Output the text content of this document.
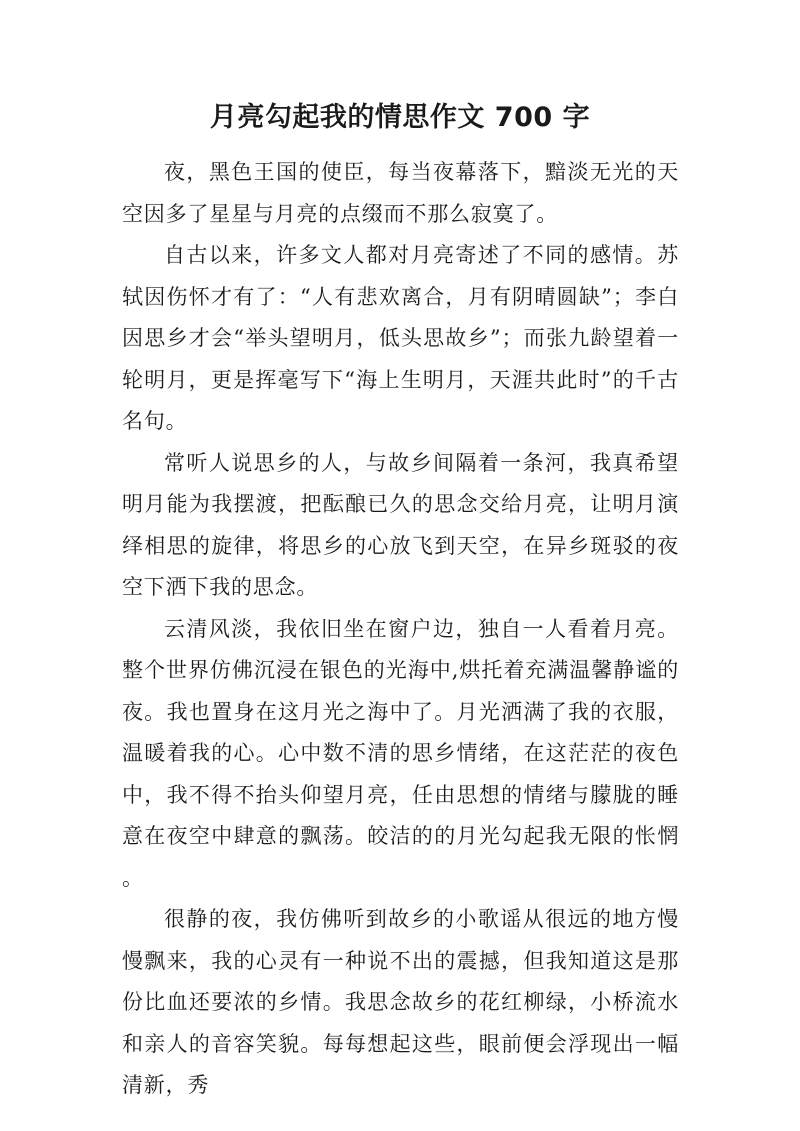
月亮勾起我的情思作文 700 字

夜，黑色王国的使臣，每当夜幕落下，黯淡无光的天空因多了星星与月亮的点缀而不那么寂寞了。

自古以来，许多文人都对月亮寄述了不同的感情。苏轼因伤怀才有了：“人有悲欢离合，月有阴晴圆缺”；李白因思乡才会“举头望明月，低头思故乡”；而张九龄望着一轮明月，更是挥毫写下“海上生明月，天涯共此时”的千古名句。

常听人说思乡的人，与故乡间隔着一条河，我真希望明月能为我摆渡，把酝酿已久的思念交给月亮，让明月演绎相思的旋律，将思乡的心放飞到天空，在异乡斑驳的夜空下洒下我的思念。

云清风淡，我依旧坐在窗户边，独自一人看着月亮。整个世界仿佛沉浸在银色的光海中,烘托着充满温馨静谧的夜。我也置身在这月光之海中了。月光洒满了我的衣服，温暖着我的心。心中数不清的思乡情绪，在这茫茫的夜色中，我不得不抬头仰望月亮，任由思想的情绪与朦胧的睡意在夜空中肆意的飘荡。皎洁的的月光勾起我无限的怅惘。

很静的夜，我仿佛听到故乡的小歌谣从很远的地方慢慢飘来，我的心灵有一种说不出的震撼，但我知道这是那份比血还要浓的乡情。我思念故乡的花红柳绿，小桥流水和亲人的音容笑貌。每每想起这些，眼前便会浮现出一幅清新，秀
